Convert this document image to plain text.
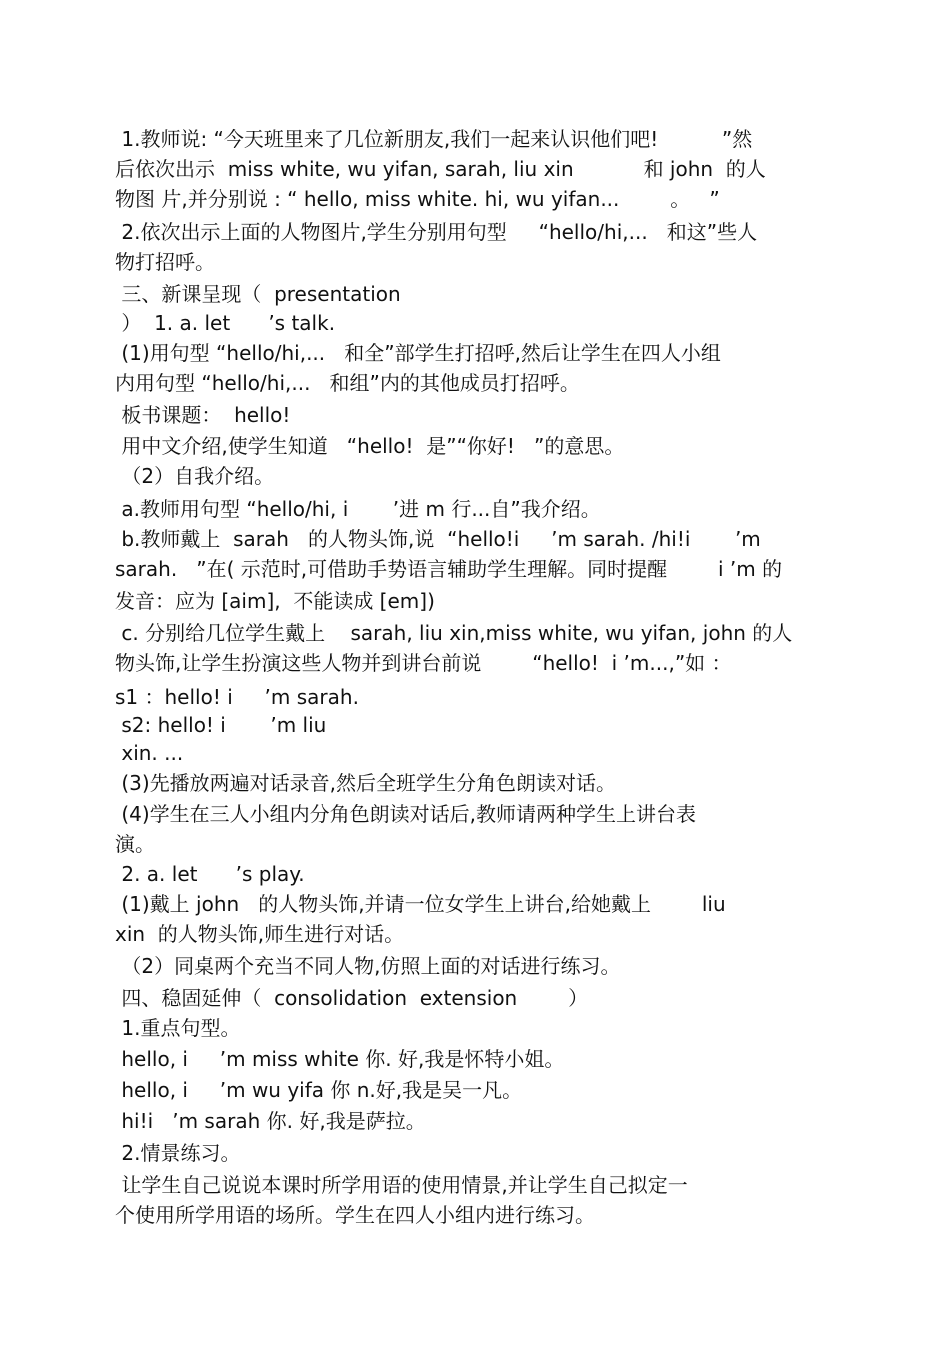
1.教师说: “今天班里来了几位新朋友,我们一起来认识他们吧!          ”然
后依次出示  miss white, wu yifan, sarah, liu xin           和 john  的人
物图 片,并分别说 : “ hello, miss white. hi, wu yifan...        。   ”
2.依次出示上面的人物图片,学生分别用句型     “hello/hi,...   和这”些人
物打招呼。
三、新课呈现（  presentation
）  1. a. let      ’s talk.
(1)用句型 “hello/hi,...   和全”部学生打招呼,然后让学生在四人小组
内用句型 “hello/hi,...   和组”内的其他成员打招呼。
板书课题：  hello!
用中文介绍,使学生知道   “hello!  是”“你好!   ”的意思。
（2）自我介绍。
a.教师用句型 “hello/hi, i       ’进 m 行...自”我介绍。
b.教师戴上  sarah   的人物头饰,说  “hello!i     ’m sarah. /hi!i       ’m
sarah.   ”在( 示范时,可借助手势语言辅助学生理解。同时提醒        i ’m 的
发音：应为 [aim],  不能读成 [em])
c. 分别给几位学生戴上    sarah, liu xin,miss white, wu yifan, john 的人
物头饰,让学生扮演这些人物并到讲台前说        “hello!  i ’m...,”如 ：
s1 ：hello! i     ’m sarah.
s2: hello! i       ’m liu
xin. ...
(3)先播放两遍对话录音,然后全班学生分角色朗读对话。
(4)学生在三人小组内分角色朗读对话后,教师请两种学生上讲台表
演。
2. a. let      ’s play.
(1)戴上 john   的人物头饰,并请一位女学生上讲台,给她戴上        liu
xin  的人物头饰,师生进行对话。
（2）同桌两个充当不同人物,仿照上面的对话进行练习。
四、稳固延伸（  consolidation  extension        ）
1.重点句型。
hello, i     ’m miss white 你. 好,我是怀特小姐。
hello, i     ’m wu yifa 你 n.好,我是吴一凡。
hi!i   ’m sarah 你. 好,我是萨拉。
2.情景练习。
让学生自己说说本课时所学用语的使用情景,并让学生自己拟定一
个使用所学用语的场所。学生在四人小组内进行练习。
